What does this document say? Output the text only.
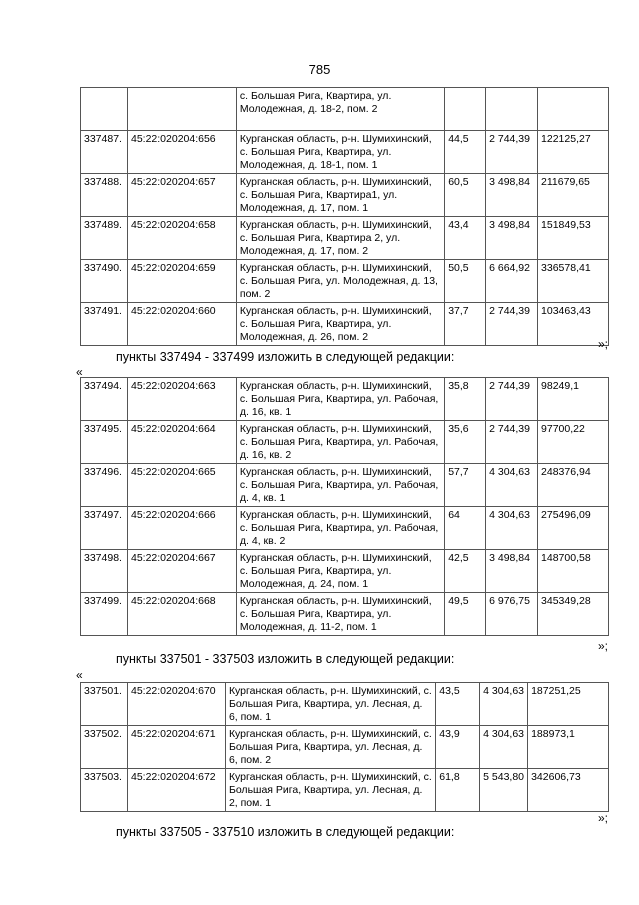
785
		с. Большая Рига, Квартира, ул. Молодежная, д. 18-2, пом. 2			
337487.	45:22:020204:656	Курганская область, р-н. Шумихинский, с. Большая Рига, Квартира, ул. Молодежная, д. 18-1, пом. 1	44,5	2 744,39	122125,27
337488.	45:22:020204:657	Курганская область, р-н. Шумихинский, с. Большая Рига, Квартира1, ул. Молодежная, д. 17, пом. 1	60,5	3 498,84	211679,65
337489.	45:22:020204:658	Курганская область, р-н. Шумихинский, с. Большая Рига, Квартира 2, ул. Молодежная, д. 17, пом. 2	43,4	3 498,84	151849,53
337490.	45:22:020204:659	Курганская область, р-н. Шумихинский, с. Большая Рига, ул. Молодежная, д. 13, пом. 2	50,5	6 664,92	336578,41
337491.	45:22:020204:660	Курганская область, р-н. Шумихинский, с. Большая Рига, Квартира, ул. Молодежная, д. 26, пом. 2	37,7	2 744,39	103463,43
»;
пункты 337494 - 337499 изложить в следующей редакции:
«
337494.	45:22:020204:663	Курганская область, р-н. Шумихинский, с. Большая Рига, Квартира, ул. Рабочая, д. 16, кв. 1	35,8	2 744,39	98249,1
337495.	45:22:020204:664	Курганская область, р-н. Шумихинский, с. Большая Рига, Квартира, ул. Рабочая, д. 16, кв. 2	35,6	2 744,39	97700,22
337496.	45:22:020204:665	Курганская область, р-н. Шумихинский, с. Большая Рига, Квартира, ул. Рабочая, д. 4, кв. 1	57,7	4 304,63	248376,94
337497.	45:22:020204:666	Курганская область, р-н. Шумихинский, с. Большая Рига, Квартира, ул. Рабочая, д. 4, кв. 2	64	4 304,63	275496,09
337498.	45:22:020204:667	Курганская область, р-н. Шумихинский, с. Большая Рига, Квартира, ул. Молодежная, д. 24, пом. 1	42,5	3 498,84	148700,58
337499.	45:22:020204:668	Курганская область, р-н. Шумихинский, с. Большая Рига, Квартира, ул. Молодежная, д. 11-2, пом. 1	49,5	6 976,75	345349,28
»;
пункты 337501 - 337503 изложить в следующей редакции:
«
337501.	45:22:020204:670	Курганская область, р-н. Шумихинский, с. Большая Рига, Квартира, ул. Лесная, д. 6, пом. 1	43,5	4 304,63	187251,25
337502.	45:22:020204:671	Курганская область, р-н. Шумихинский, с. Большая Рига, Квартира, ул. Лесная, д. 6, пом. 2	43,9	4 304,63	188973,1
337503.	45:22:020204:672	Курганская область, р-н. Шумихинский, с. Большая Рига, Квартира, ул. Лесная, д. 2, пом. 1	61,8	5 543,80	342606,73
»;
пункты 337505 - 337510 изложить в следующей редакции:
